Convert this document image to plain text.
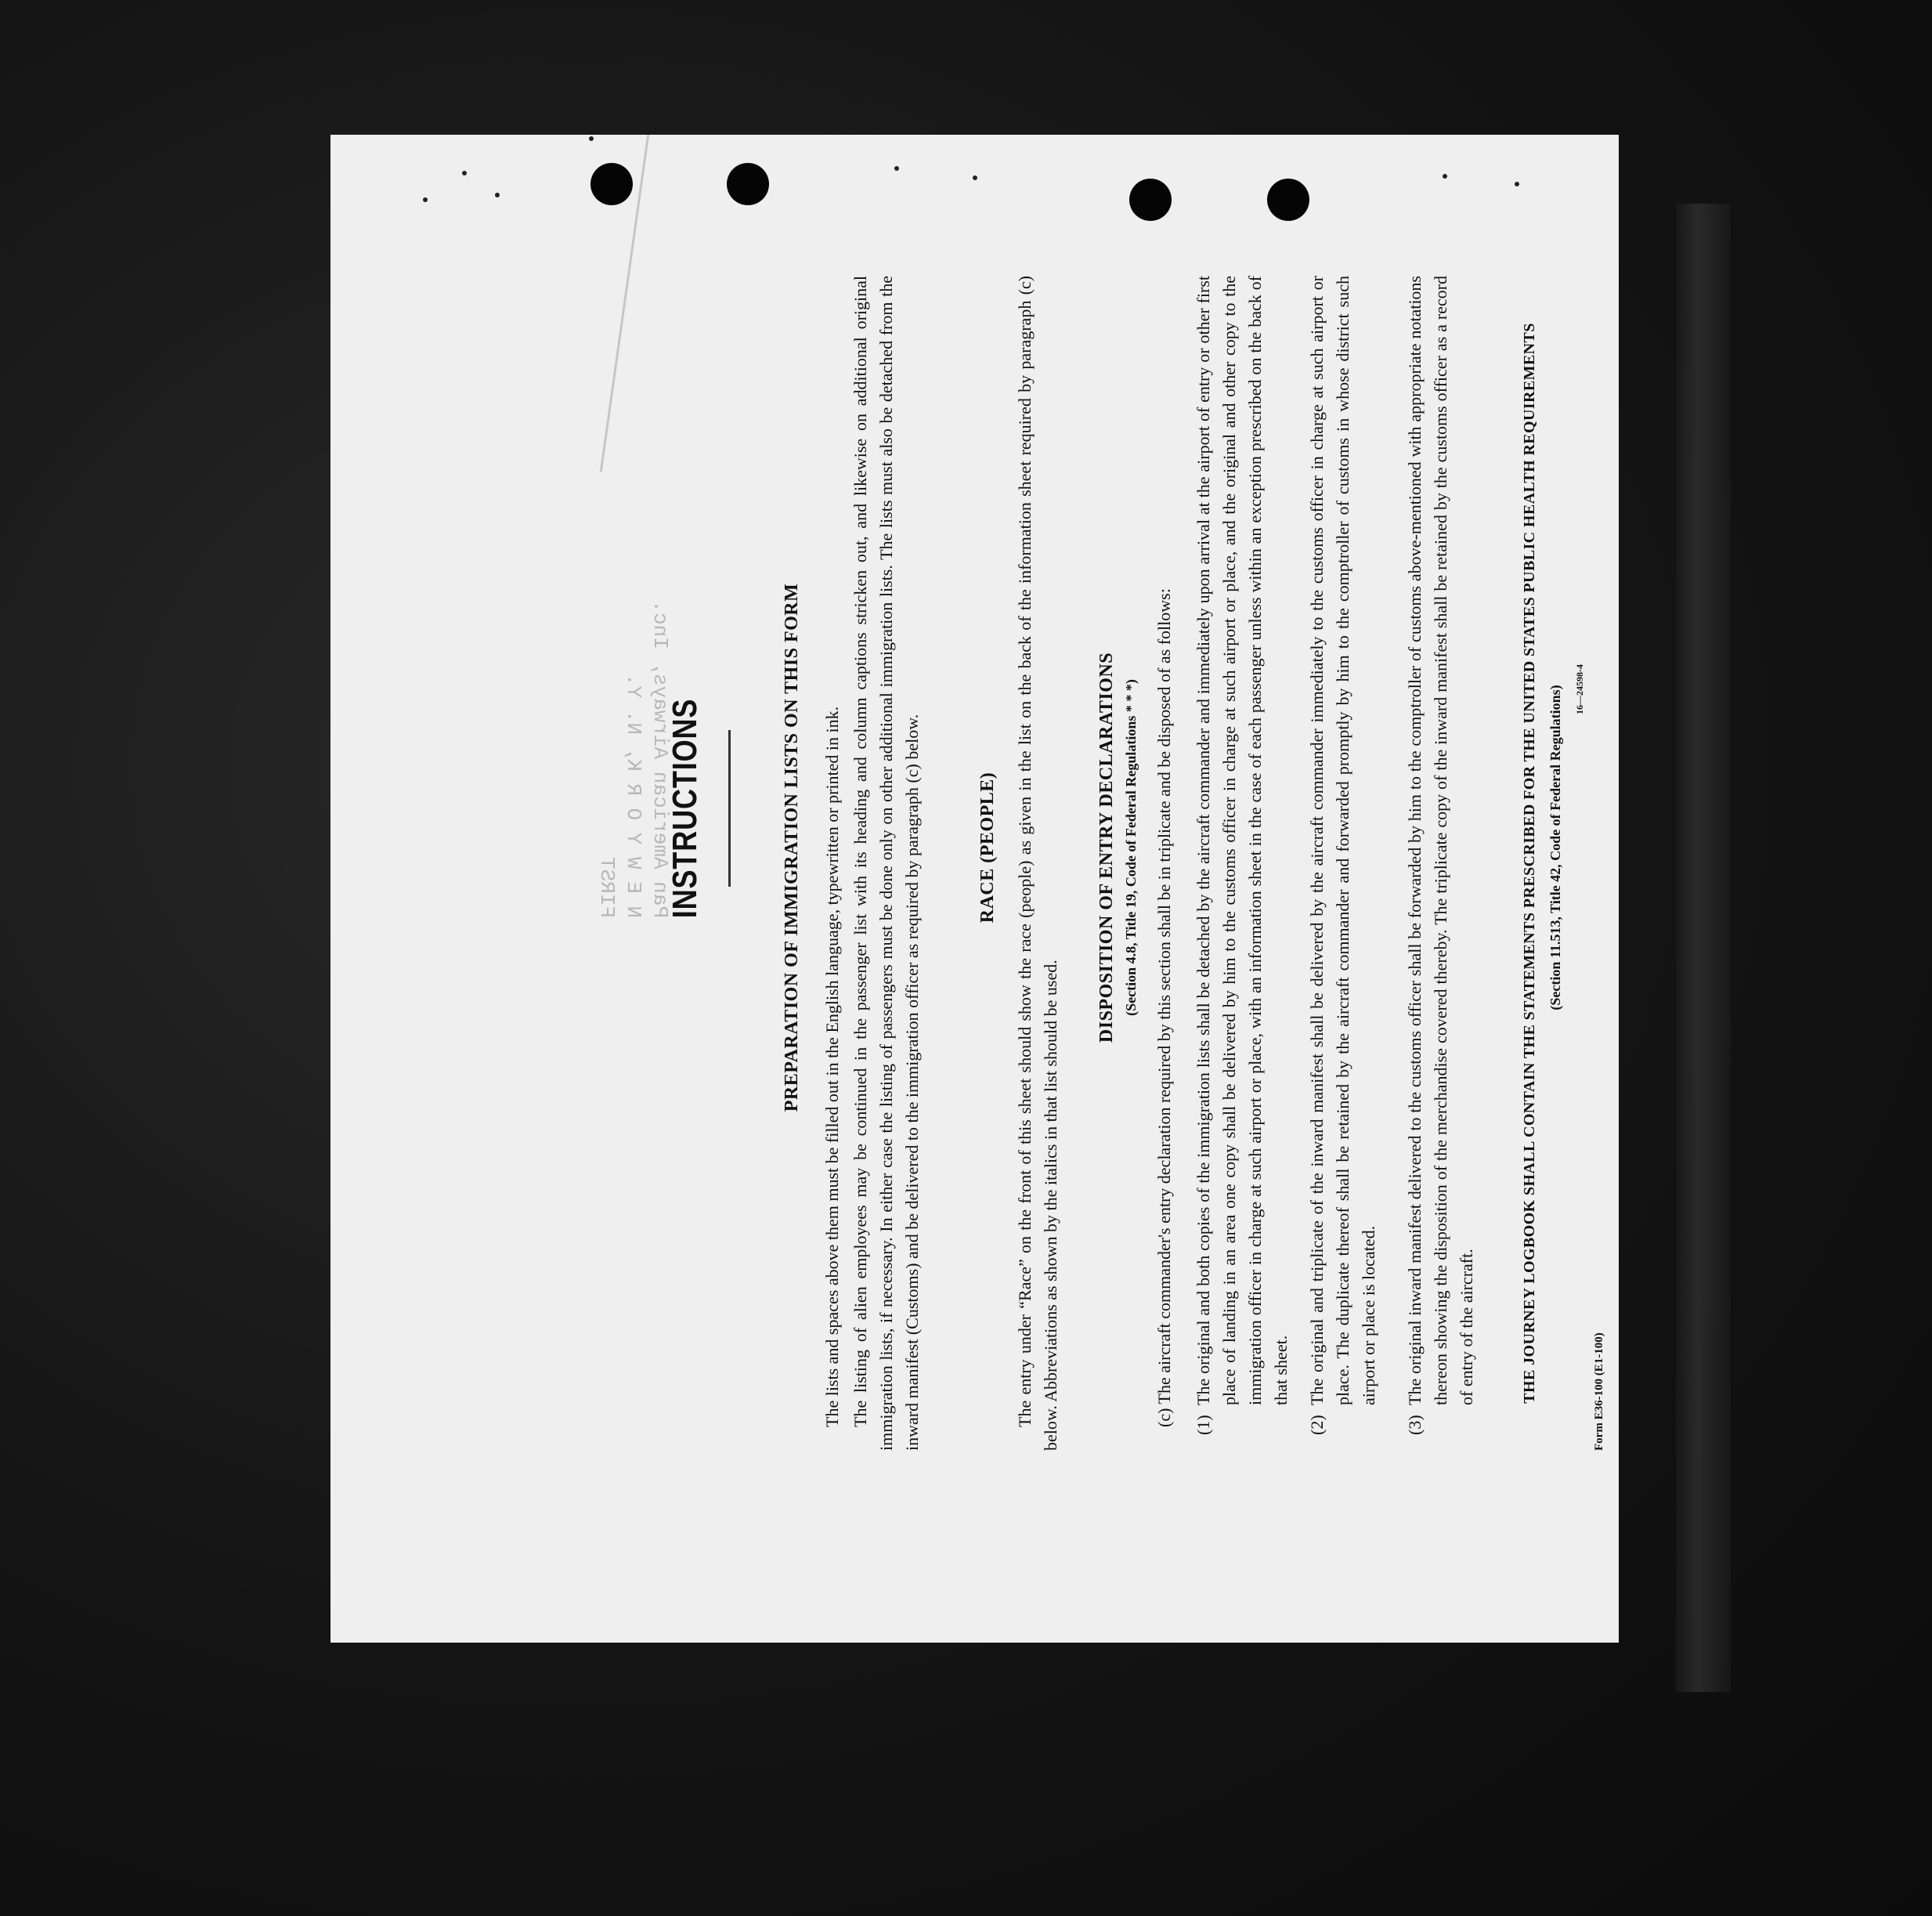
Pan American Airways, Inc.
N E W Y O R K, N. Y.
FIRST INSTRUCTIONS	PREPARATION OF IMMIGRATION LISTS ON THIS FORM The lists and spaces above them must be filled out in the English language, typewritten or printed in ink. The listing of alien employees may be continued in the passenger list with its heading and column captions stricken out, and likewise on additional original immigration lists, if necessary. In either case the listing of passengers must be done only on other additional immigration lists. The lists must also be detached from the inward manifest (Customs) and be delivered to the immigration officer as required by paragraph (c) below.	RACE (PEOPLE) The entry under “Race” on the front of this sheet should show the race (people) as given in the list on the back of the information sheet required by paragraph (c) below. Abbreviations as shown by the italics in that list should be used.
DISPOSITION OF ENTRY DECLARATIONS (Section 4.8, Title 19, Code of Federal Regulations * * *) (c) The aircraft commander's entry declaration required by this section shall be in triplicate and be disposed of as follows: (1)
The original and both copies of the immigration lists shall be detached by the aircraft commander and immediately upon arrival at the airport of entry or other first place of landing in an area one copy shall be delivered by him to the customs officer in charge at such airport or place, and the original and other copy to the immigration officer in charge at such airport or place, with an information sheet in the case of each passenger unless within an exception prescribed on the back of that sheet.
(2)
The original and triplicate of the inward manifest shall be delivered by the aircraft commander immediately to the customs officer in charge at such airport or place. The duplicate thereof shall be retained by the aircraft commander and forwarded promptly by him to the comptroller of customs in whose district such airport or place is located.
(3)
The original inward manifest delivered to the customs officer shall be forwarded by him to the comptroller of customs above-mentioned with appropriate notations thereon showing the disposition of the merchandise covered thereby. The triplicate copy of the inward manifest shall be retained by the customs officer as a record of entry of the aircraft.	THE JOURNEY LOGBOOK SHALL CONTAIN THE STATEMENTS PRESCRIBED FOR THE UNITED STATES PUBLIC HEALTH REQUIREMENTS (Section 11.513, Title 42, Code of Federal Regulations)
Form E36-100 (E1-100)
16—24598-4
